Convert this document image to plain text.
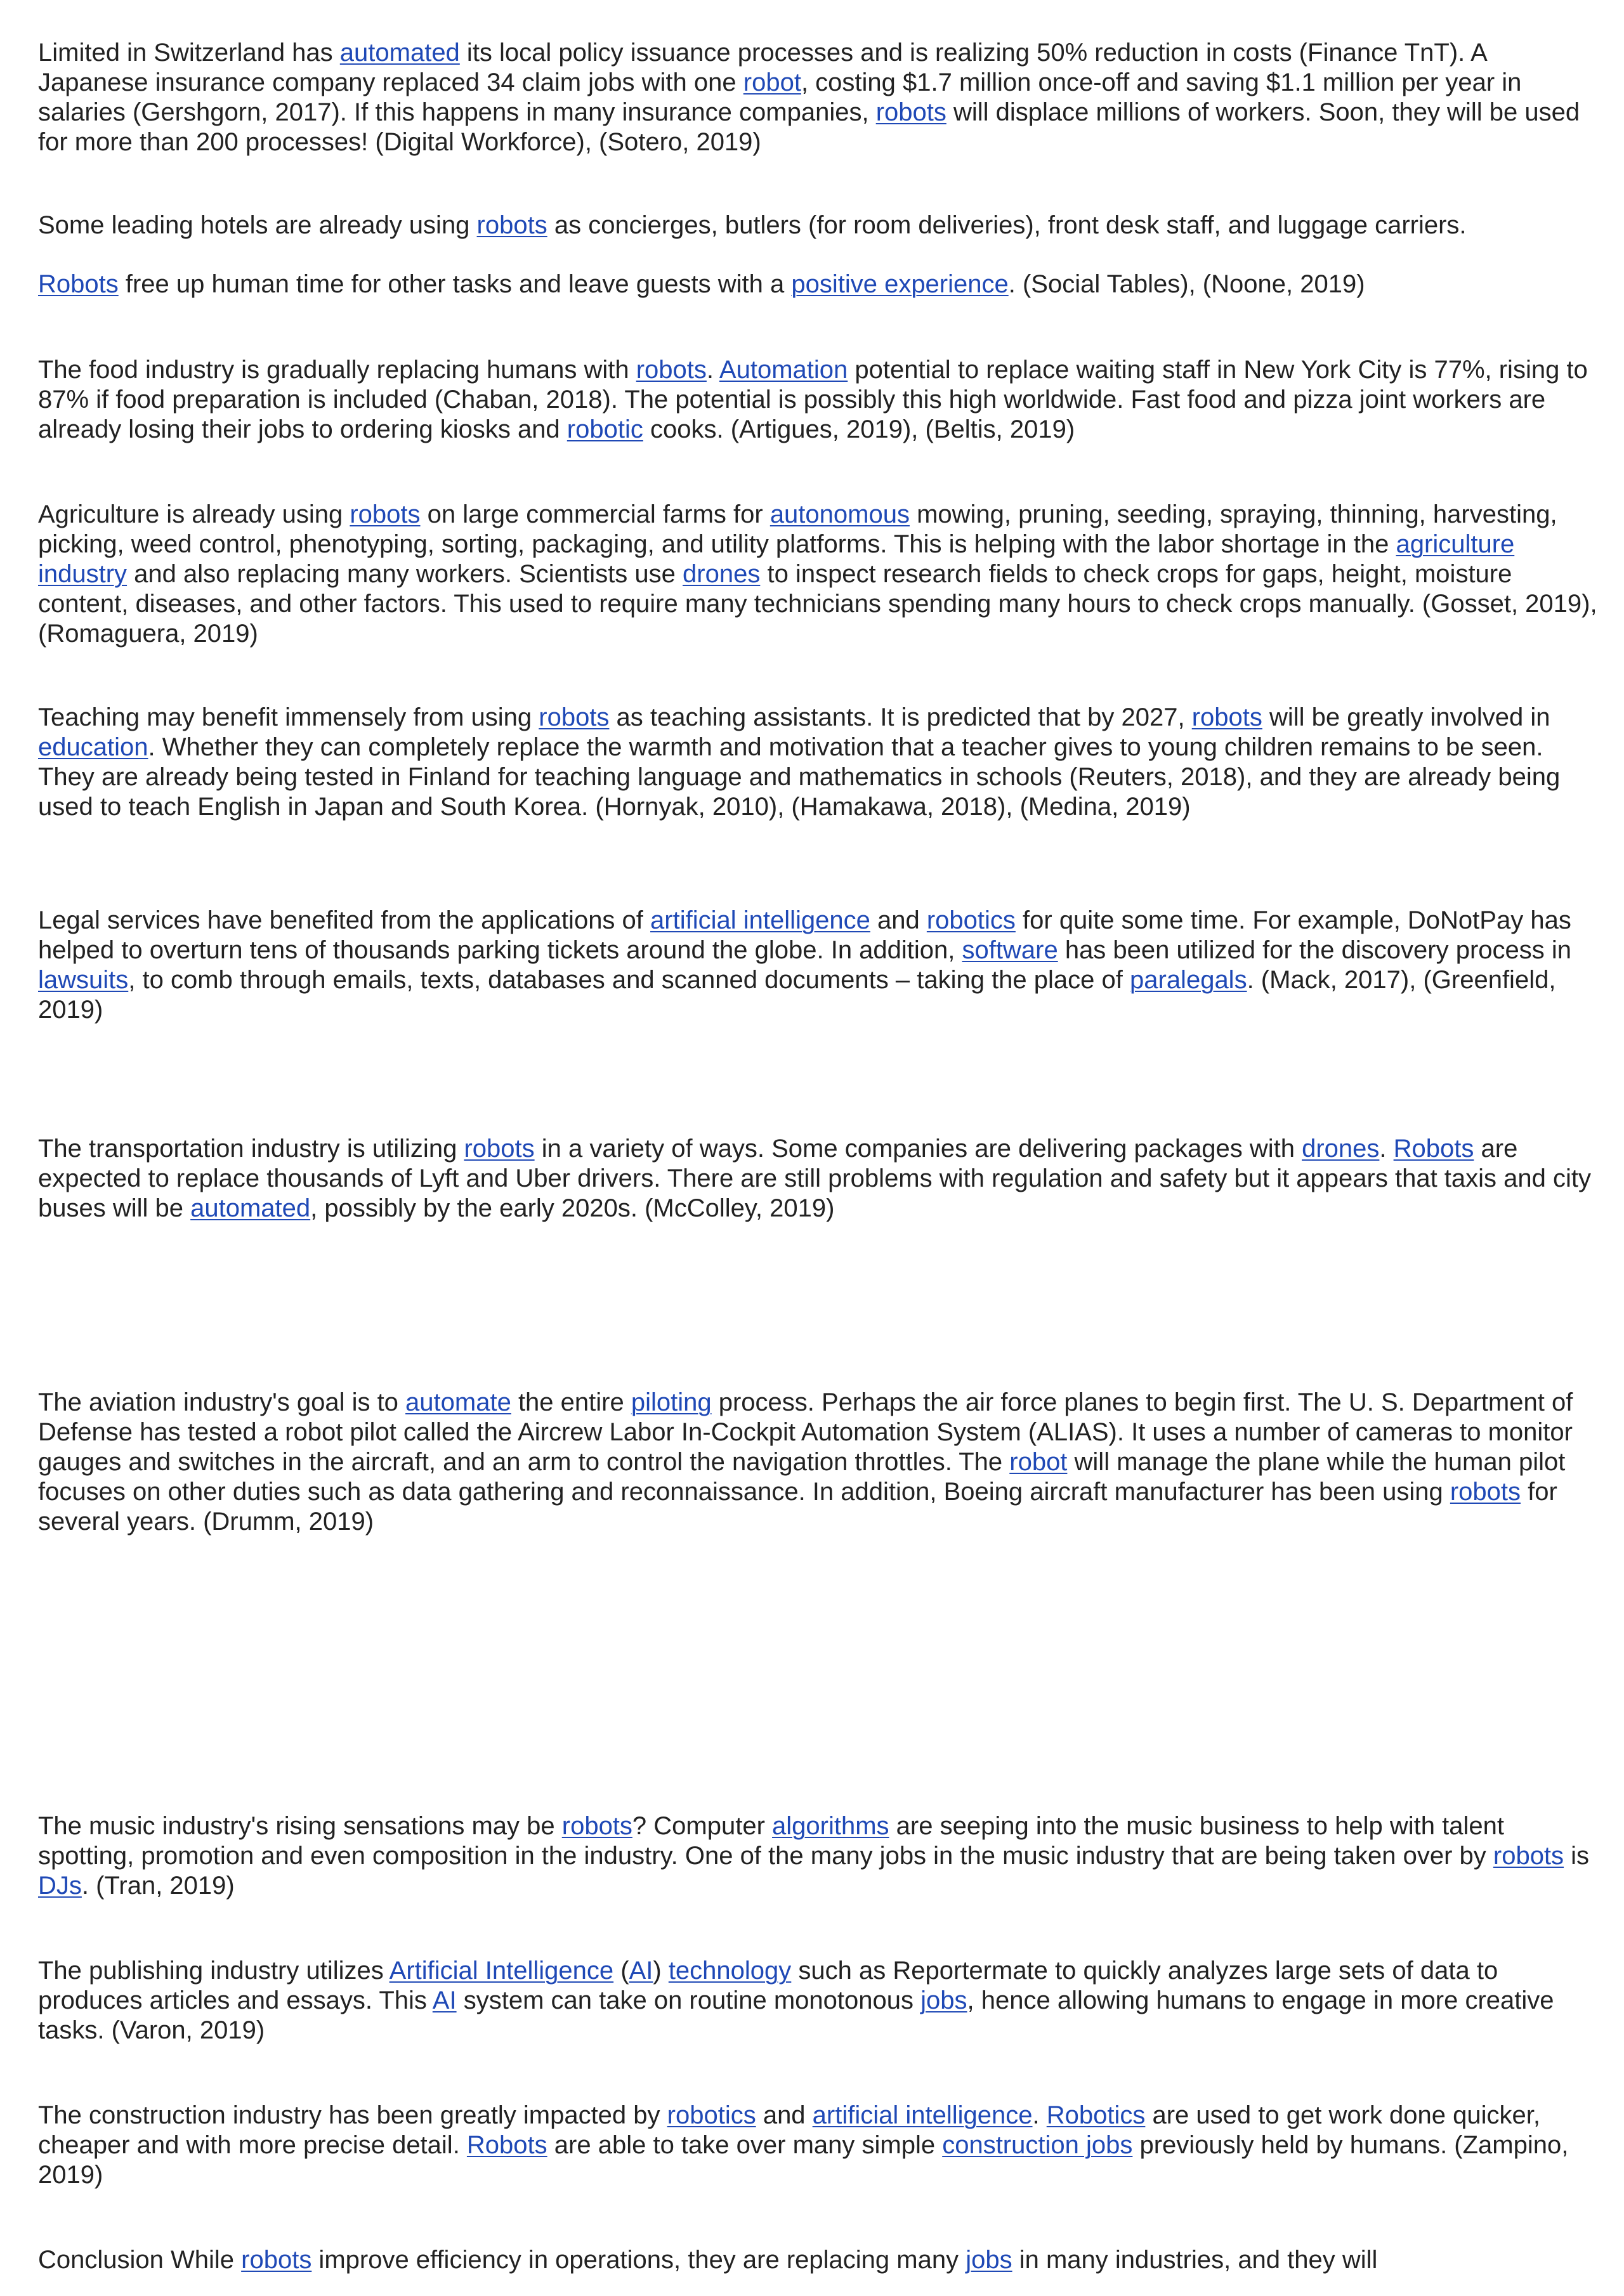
Limited in Switzerland has automated its local policy issuance processes and is realizing 50% reduction in costs (Finance TnT). A Japanese insurance company replaced 34 claim jobs with one robot, costing $1.7 million once-off and saving $1.1 million per year in salaries (Gershgorn, 2017). If this happens in many insurance companies, robots will displace millions of workers. Soon, they will be used for more than 200 processes! (Digital Workforce), (Sotero, 2019)

Some leading hotels are already using robots as concierges, butlers (for room deliveries), front desk staff, and luggage carriers.

Robots free up human time for other tasks and leave guests with a positive experience. (Social Tables), (Noone, 2019)

The food industry is gradually replacing humans with robots. Automation potential to replace waiting staff in New York City is 77%, rising to 87% if food preparation is included (Chaban, 2018). The potential is possibly this high worldwide. Fast food and pizza joint workers are already losing their jobs to ordering kiosks and robotic cooks. (Artigues, 2019), (Beltis, 2019)

Agriculture is already using robots on large commercial farms for autonomous mowing, pruning, seeding, spraying, thinning, harvesting, picking, weed control, phenotyping, sorting, packaging, and utility platforms. This is helping with the labor shortage in the agriculture industry and also replacing many workers. Scientists use drones to inspect research fields to check crops for gaps, height, moisture content, diseases, and other factors. This used to require many technicians spending many hours to check crops manually. (Gosset, 2019), (Romaguera, 2019)

Teaching may benefit immensely from using robots as teaching assistants. It is predicted that by 2027, robots will be greatly involved in education. Whether they can completely replace the warmth and motivation that a teacher gives to young children remains to be seen. They are already being tested in Finland for teaching language and mathematics in schools (Reuters, 2018), and they are already being used to teach English in Japan and South Korea. (Hornyak, 2010), (Hamakawa, 2018), (Medina, 2019)

Legal services have benefited from the applications of artificial intelligence and robotics for quite some time. For example, DoNotPay has helped to overturn tens of thousands parking tickets around the globe. In addition, software has been utilized for the discovery process in lawsuits, to comb through emails, texts, databases and scanned documents – taking the place of paralegals. (Mack, 2017), (Greenfield, 2019)

The transportation industry is utilizing robots in a variety of ways. Some companies are delivering packages with drones. Robots are expected to replace thousands of Lyft and Uber drivers. There are still problems with regulation and safety but it appears that taxis and city buses will be automated, possibly by the early 2020s. (McColley, 2019)

The aviation industry's goal is to automate the entire piloting process. Perhaps the air force planes to begin first. The U. S. Department of Defense has tested a robot pilot called the Aircrew Labor In-Cockpit Automation System (ALIAS). It uses a number of cameras to monitor gauges and switches in the aircraft, and an arm to control the navigation throttles. The robot will manage the plane while the human pilot focuses on other duties such as data gathering and reconnaissance. In addition, Boeing aircraft manufacturer has been using robots for several years. (Drumm, 2019)

The music industry's rising sensations may be robots? Computer algorithms are seeping into the music business to help with talent spotting, promotion and even composition in the industry. One of the many jobs in the music industry that are being taken over by robots is DJs. (Tran, 2019)

The publishing industry utilizes Artificial Intelligence (AI) technology such as Reportermate to quickly analyzes large sets of data to produces articles and essays. This AI system can take on routine monotonous jobs, hence allowing humans to engage in more creative tasks. (Varon, 2019)

The construction industry has been greatly impacted by robotics and artificial intelligence. Robotics are used to get work done quicker, cheaper and with more precise detail. Robots are able to take over many simple construction jobs previously held by humans. (Zampino, 2019)

Conclusion While robots improve efficiency in operations, they are replacing many jobs in many industries, and they will
